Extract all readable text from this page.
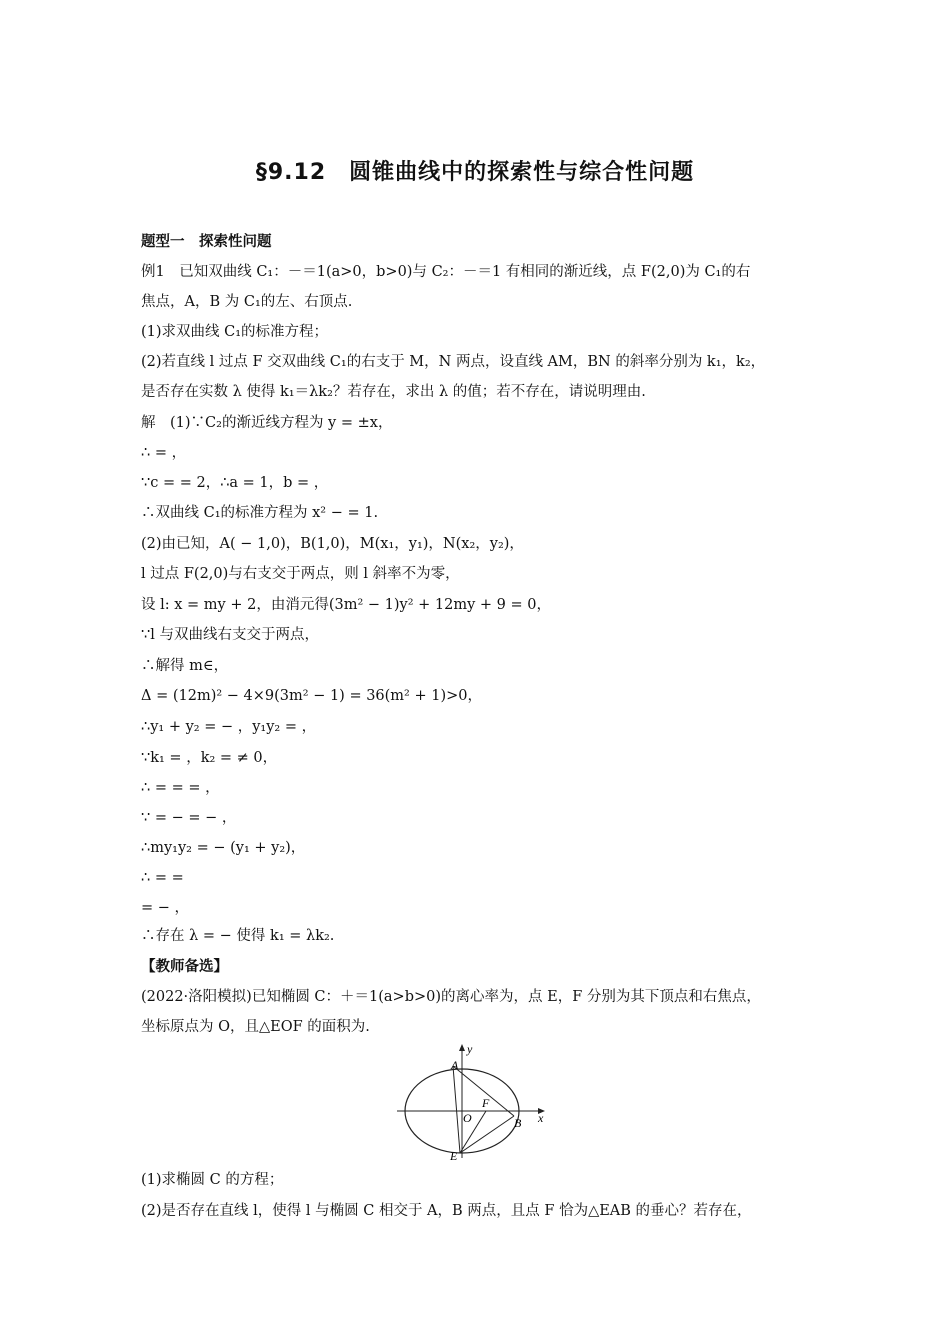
§9.12　圆锥曲线中的探索性与综合性问题
题型一　探索性问题
例1　已知双曲线 C₁：－＝1(a>0，b>0)与 C₂：－＝1 有相同的渐近线，点 F(2,0)为 C₁的右
焦点，A，B 为 C₁的左、右顶点.
(1)求双曲线 C₁的标准方程；
(2)若直线 l 过点 F 交双曲线 C₁的右支于 M，N 两点，设直线 AM，BN 的斜率分别为 k₁，k₂，
是否存在实数 λ 使得 k₁＝λk₂？若存在，求出 λ 的值；若不存在，请说明理由.
解　(1)∵C₂的渐近线方程为 y = ±x，
∴ = ，
∵c = = 2，∴a = 1，b = ，
∴双曲线 C₁的标准方程为 x² − = 1.
(2)由已知，A( − 1,0)，B(1,0)，M(x₁，y₁)，N(x₂，y₂)，
l 过点 F(2,0)与右支交于两点，则 l 斜率不为零，
设 l: x = my + 2，由消元得(3m² − 1)y² + 12my + 9 = 0，
∵l 与双曲线右支交于两点，
∴解得 m∈，
Δ = (12m)² − 4×9(3m² − 1) = 36(m² + 1)>0，
∴y₁ + y₂ = − ，y₁y₂ = ，
∵k₁ = ，k₂ = ≠ 0，
∴ = = = ，
∵ = − = − ，
∴my₁y₂ = − (y₁ + y₂)，
∴ = =
= − ，
∴存在 λ = − 使得 k₁ = λk₂.
【教师备选】
(2022·洛阳模拟)已知椭圆 C：＋＝1(a>b>0)的离心率为，点 E，F 分别为其下顶点和右焦点，
坐标原点为 O，且△EOF 的面积为.
(1)求椭圆 C 的方程；
(2)是否存在直线 l，使得 l 与椭圆 C 相交于 A，B 两点，且点 F 恰为△EAB 的垂心？若存在，
y
A
F
O	B x
E
